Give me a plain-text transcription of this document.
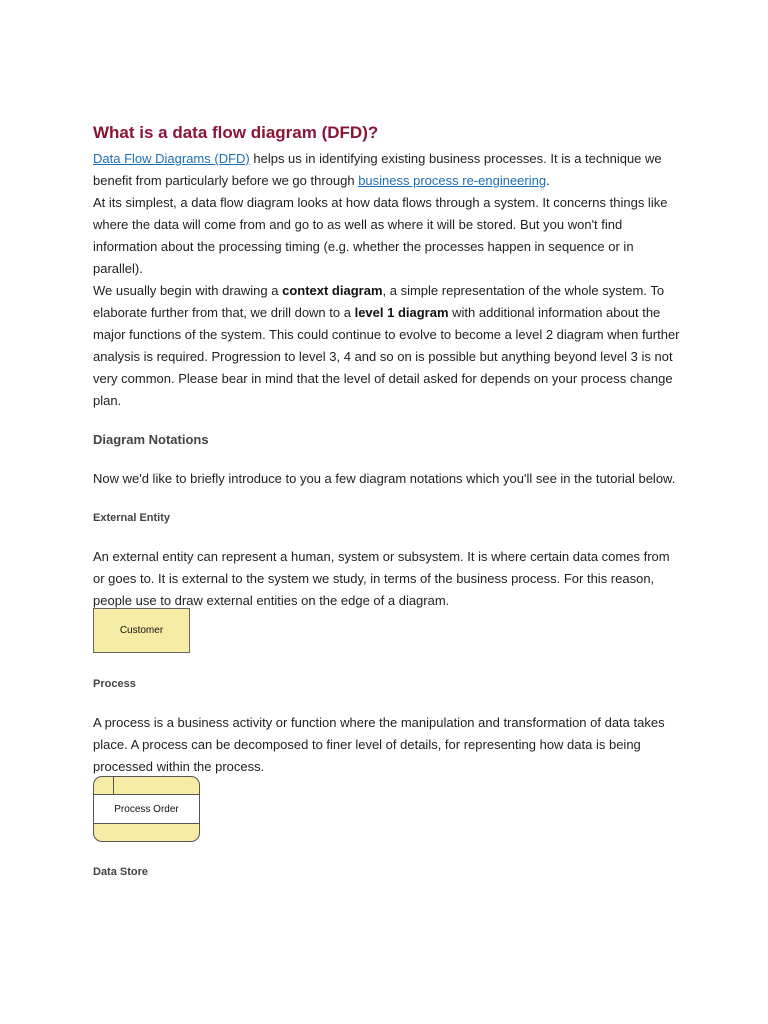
What is a data flow diagram (DFD)?

Data Flow Diagrams (DFD) helps us in identifying existing business processes. It is a technique we benefit from particularly before we go through business process re-engineering.

At its simplest, a data flow diagram looks at how data flows through a system. It concerns things like where the data will come from and go to as well as where it will be stored. But you won't find information about the processing timing (e.g. whether the processes happen in sequence or in parallel).

We usually begin with drawing a context diagram, a simple representation of the whole system. To elaborate further from that, we drill down to a level 1 diagram with additional information about the major functions of the system. This could continue to evolve to become a level 2 diagram when further analysis is required. Progression to level 3, 4 and so on is possible but anything beyond level 3 is not very common. Please bear in mind that the level of detail asked for depends on your process change plan.

Diagram Notations

Now we'd like to briefly introduce to you a few diagram notations which you'll see in the tutorial below.

External Entity

An external entity can represent a human, system or subsystem. It is where certain data comes from or goes to. It is external to the system we study, in terms of the business process. For this reason, people use to draw external entities on the edge of a diagram.

Customer

Process

A process is a business activity or function where the manipulation and transformation of data takes place. A process can be decomposed to finer level of details, for representing how data is being processed within the process.

Process Order

Data Store
